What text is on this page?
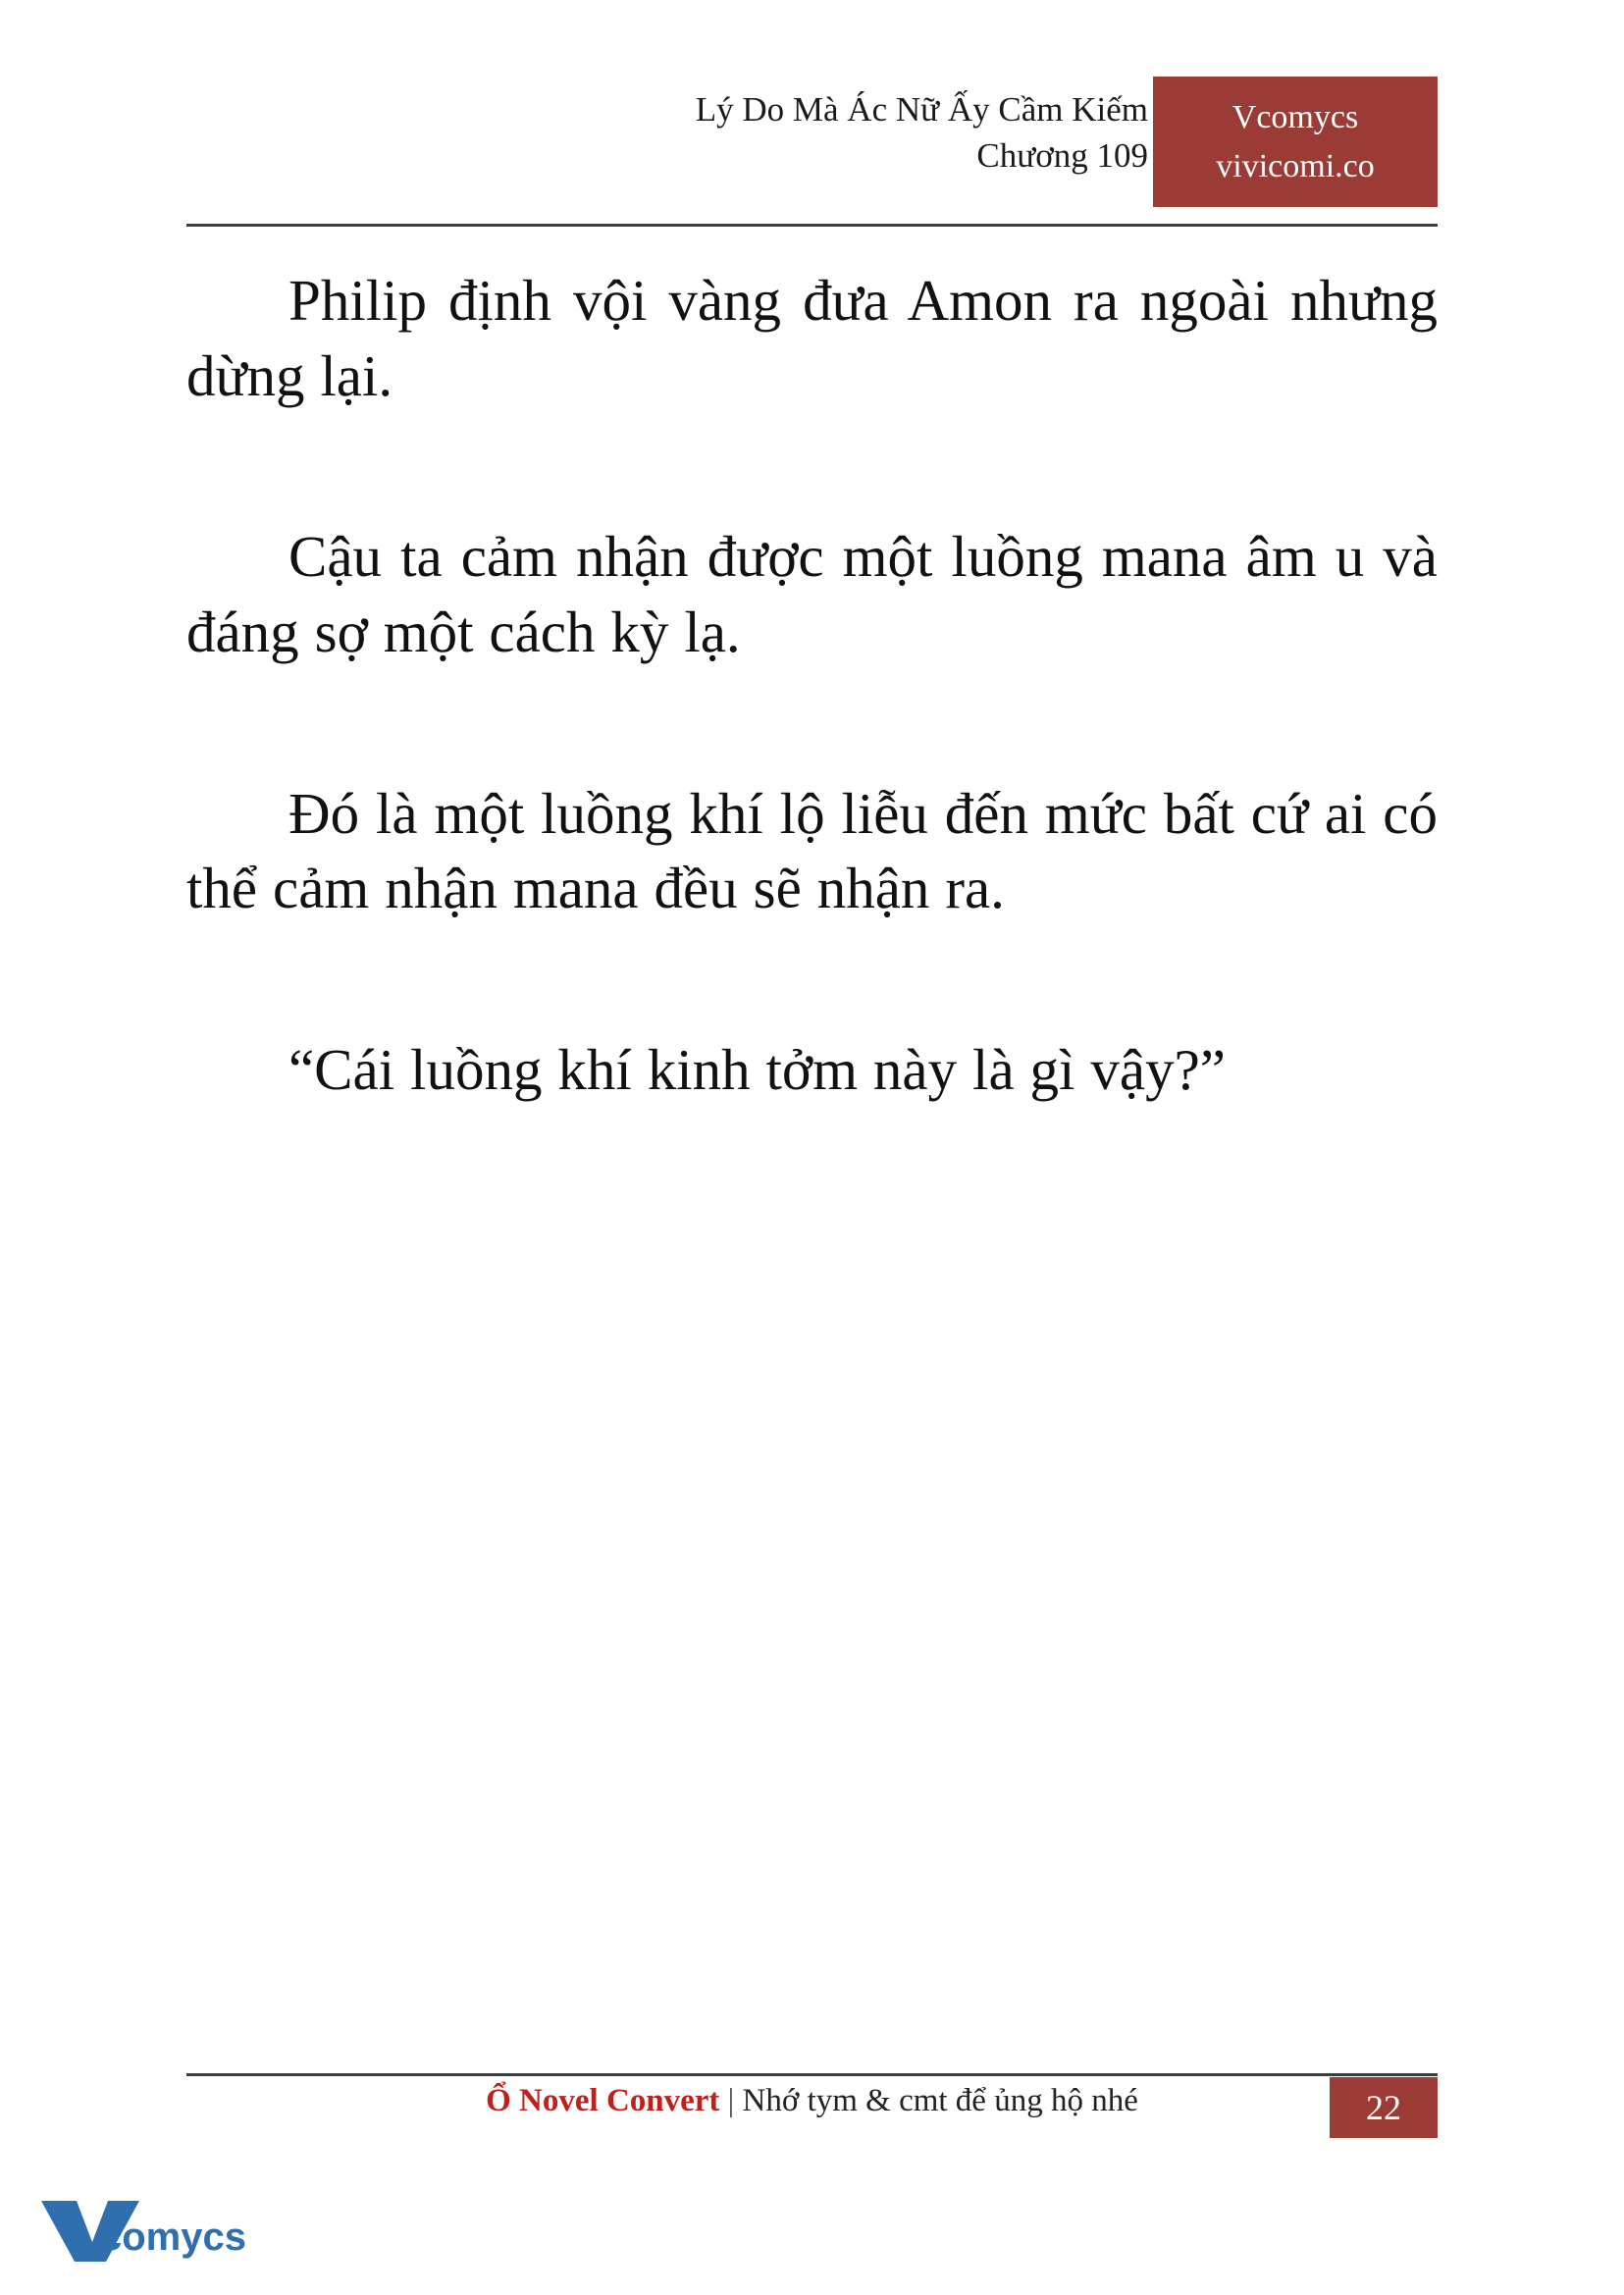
Lý Do Mà Ác Nữ Ấy Cầm Kiếm
Chương 109
Vcomycs
vivicomi.co

Philip định vội vàng đưa Amon ra ngoài nhưng dừng lại.

Cậu ta cảm nhận được một luồng mana âm u và đáng sợ một cách kỳ lạ.

Đó là một luồng khí lộ liễu đến mức bất cứ ai có thể cảm nhận mana đều sẽ nhận ra.

“Cái luồng khí kinh tởm này là gì vậy?”

Ổ Novel Convert | Nhớ tym & cmt để ủng hộ nhé	22
comycs
